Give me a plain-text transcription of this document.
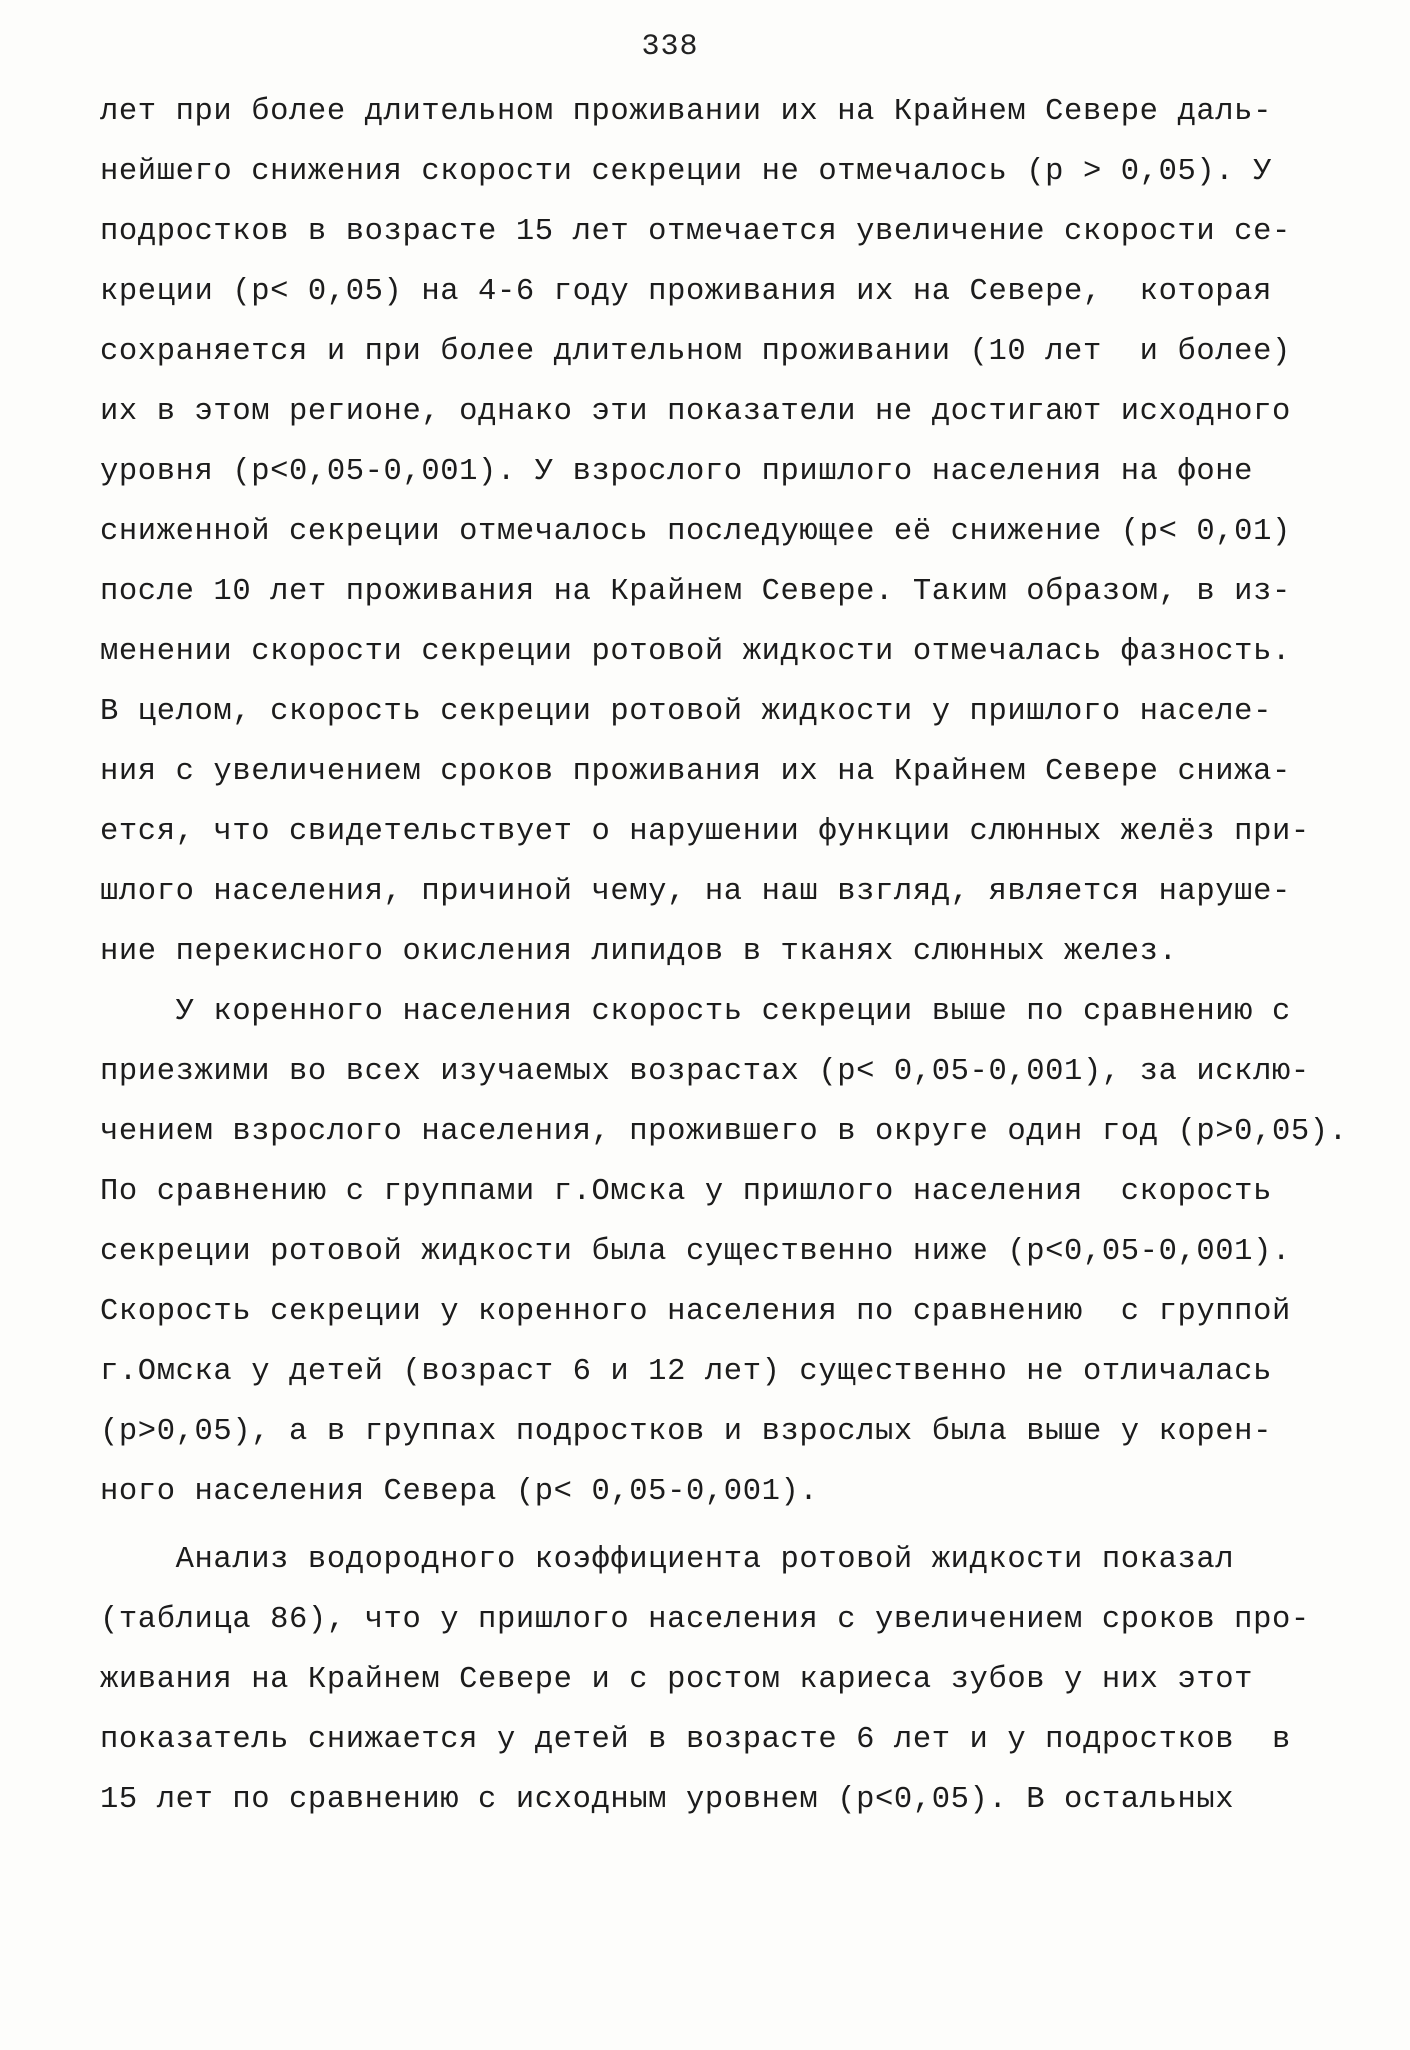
338
лет при более длительном проживании их на Крайнем Севере даль-
нейшего снижения скорости секреции не отмечалось (р > 0,05). У
подростков в возрасте 15 лет отмечается увеличение скорости се-
креции (р< 0,05) на 4-6 году проживания их на Севере,  которая
сохраняется и при более длительном проживании (10 лет  и более)
их в этом регионе, однако эти показатели не достигают исходного
уровня (р<0,05-0,001). У взрослого пришлого населения на фоне
сниженной секреции отмечалось последующее её снижение (р< 0,01)
после 10 лет проживания на Крайнем Севере. Таким образом, в из-
менении скорости секреции ротовой жидкости отмечалась фазность.
В целом, скорость секреции ротовой жидкости у пришлого населе-
ния с увеличением сроков проживания их на Крайнем Севере снижа-
ется, что свидетельствует о нарушении функции слюнных желёз при-
шлого населения, причиной чему, на наш взгляд, является наруше-
ние перекисного окисления липидов в тканях слюнных желез.
У коренного населения скорость секреции выше по сравнению с
приезжими во всех изучаемых возрастах (р< 0,05-0,001), за исклю-
чением взрослого населения, прожившего в округе один год (р>0,05).
По сравнению с группами г.Омска у пришлого населения  скорость
секреции ротовой жидкости была существенно ниже (р<0,05-0,001).
Скорость секреции у коренного населения по сравнению  с группой
г.Омска у детей (возраст 6 и 12 лет) существенно не отличалась
(р>0,05), а в группах подростков и взрослых была выше у корен-
ного населения Севера (р< 0,05-0,001).
Анализ водородного коэффициента ротовой жидкости показал
(таблица 86), что у пришлого населения с увеличением сроков про-
живания на Крайнем Севере и с ростом кариеса зубов у них этот
показатель снижается у детей в возрасте 6 лет и у подростков  в
15 лет по сравнению с исходным уровнем (р<0,05). В остальных
